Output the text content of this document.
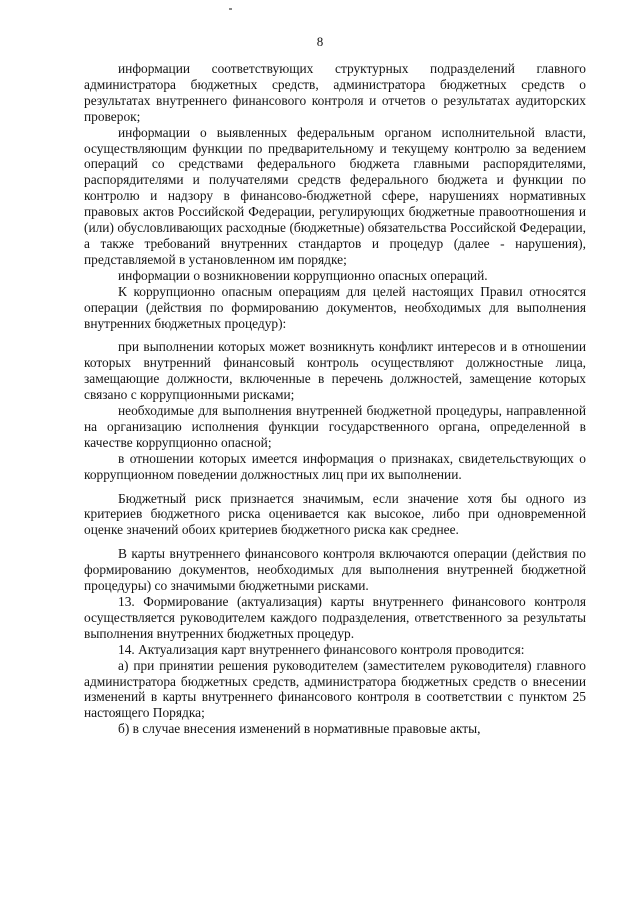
8

информации соответствующих структурных подразделений главного администратора бюджетных средств, администратора бюджетных средств о результатах внутреннего финансового контроля и отчетов о результатах аудиторских проверок;

информации о выявленных федеральным органом исполнительной власти, осуществляющим функции по предварительному и текущему контролю за ведением операций со средствами федерального бюджета главными распорядителями, распорядителями и получателями средств федерального бюджета и функции по контролю и надзору в финансово-бюджетной сфере, нарушениях нормативных правовых актов Российской Федерации, регулирующих бюджетные правоотношения и (или) обусловливающих расходные (бюджетные) обязательства Российской Федерации, а также требований внутренних стандартов и процедур (далее - нарушения), представляемой в установленном им порядке;

информации о возникновении коррупционно опасных операций.

К коррупционно опасным операциям для целей настоящих Правил относятся операции (действия по формированию документов, необходимых для выполнения внутренних бюджетных процедур):

при выполнении которых может возникнуть конфликт интересов и в отношении которых внутренний финансовый контроль осуществляют должностные лица, замещающие должности, включенные в перечень должностей, замещение которых связано с коррупционными рисками;

необходимые для выполнения внутренней бюджетной процедуры, направленной на организацию исполнения функции государственного органа, определенной в качестве коррупционно опасной;

в отношении которых имеется информация о признаках, свидетельствующих о коррупционном поведении должностных лиц при их выполнении.

Бюджетный риск признается значимым, если значение хотя бы одного из критериев бюджетного риска оценивается как высокое, либо при одновременной оценке значений обоих критериев бюджетного риска как среднее.

В карты внутреннего финансового контроля включаются операции (действия по формированию документов, необходимых для выполнения внутренней бюджетной процедуры) со значимыми бюджетными рисками.

13. Формирование (актуализация) карты внутреннего финансового контроля осуществляется руководителем каждого подразделения, ответственного за результаты выполнения внутренних бюджетных процедур.

14. Актуализация карт внутреннего финансового контроля проводится:

а) при принятии решения руководителем (заместителем руководителя) главного администратора бюджетных средств, администратора бюджетных средств о внесении изменений в карты внутреннего финансового контроля в соответствии с пунктом 25 настоящего Порядка;

б) в случае внесения изменений в нормативные правовые акты,
